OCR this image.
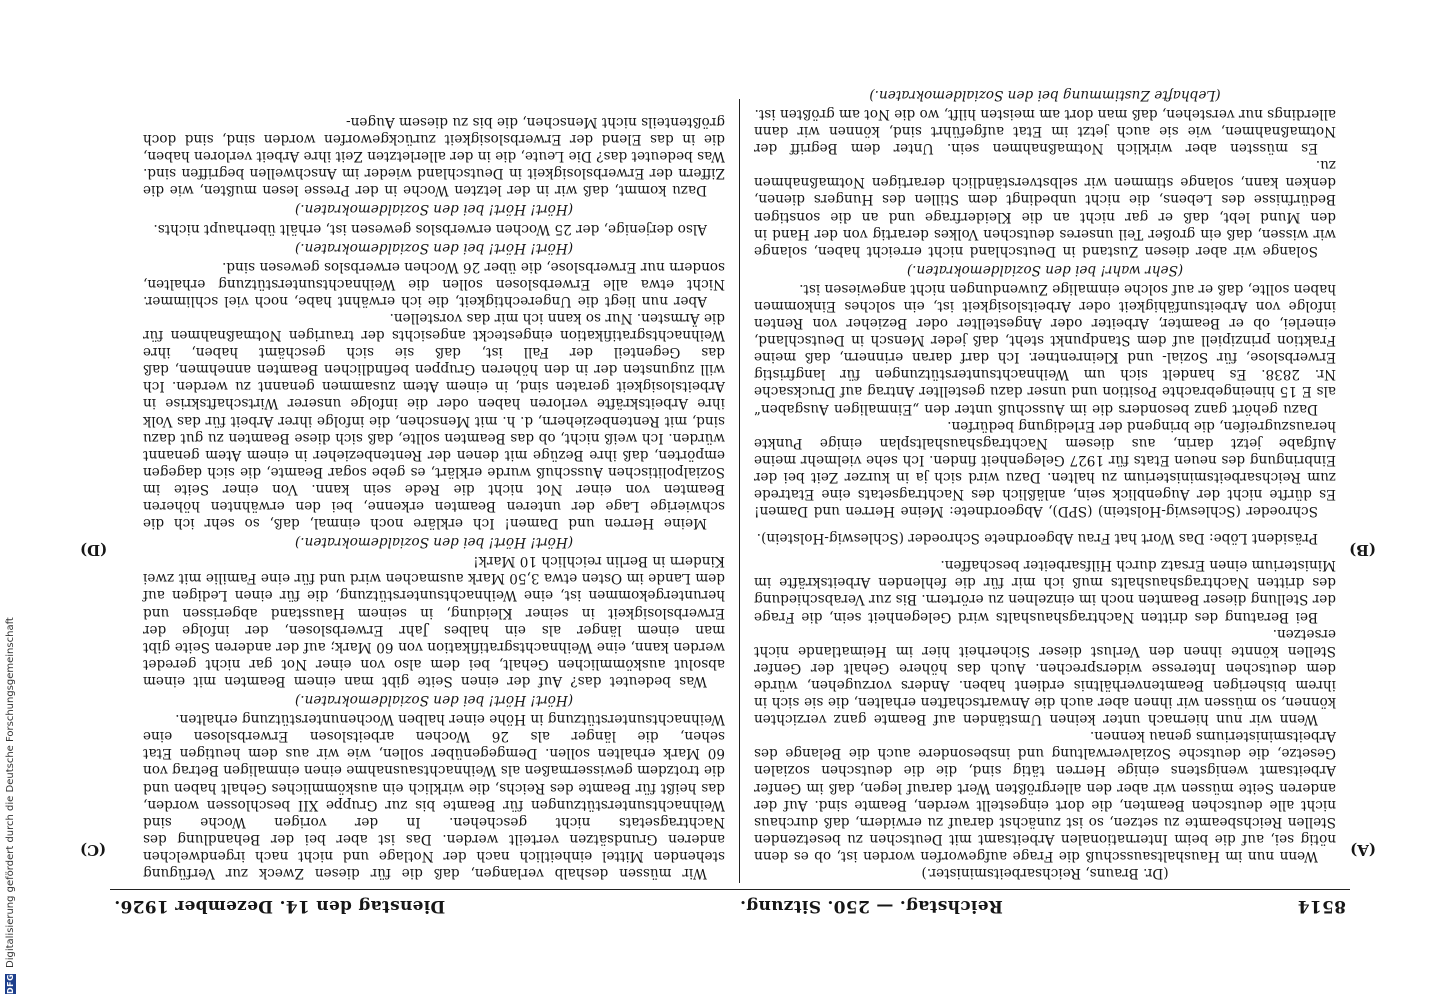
DFG
Digitalisierung gefördert durch die Deutsche Forschungsgemeinschaft	8514
Reichstag. — 250. Sitzung.
Dienstag den 14. Dezember 1926.
(A)
(B)
(C)
(D)

(Dr. Brauns, Reichsarbeitsminister.)

Wenn nun im Haushaltsausschuß die Frage aufgeworfen worden ist, ob es denn nötig sei, auf die beim Internationalen Arbeitsamt mit Deutschen zu besetzenden Stellen Reichsbeamte zu setzen, so ist zunächst darauf zu erwidern, daß durchaus nicht alle deutschen Beamten, die dort eingestellt werden, Beamte sind. Auf der anderen Seite müssen wir aber den allergrößten Wert darauf legen, daß im Genfer Arbeitsamt wenigstens einige Herren tätig sind, die die deutschen sozialen Gesetze, die deutsche Sozialverwaltung und insbesondere auch die Belange des Arbeitsministeriums genau kennen.

Wenn wir nun hiernach unter keinen Umständen auf Beamte ganz verzichten können, so müssen wir ihnen aber auch die Anwartschaften erhalten, die sie sich in ihrem bisherigen Beamtenverhältnis erdient haben. Anders vorzugehen, würde dem deutschen Interesse widersprechen. Auch das höhere Gehalt der Genfer Stellen könnte ihnen den Verlust dieser Sicherheit hier im Heimatlande nicht ersetzen.

Bei Beratung des dritten Nachtragshaushalts wird Gelegenheit sein, die Frage der Stellung dieser Beamten noch im einzelnen zu erörtern. Bis zur Verabschiedung des dritten Nachtragshaushalts muß ich mir für die fehlenden Arbeitskräfte im Ministerium einen Ersatz durch Hilfsarbeiter beschaffen.

Präsident Löbe: Das Wort hat Frau Abgeordnete Schroeder (Schleswig-Holstein).

Schroeder (Schleswig-Holstein) (SPD), Abgeordnete: Meine Herren und Damen! Es dürfte nicht der Augenblick sein, anläßlich des Nachtragsetats eine Etatrede zum Reichsarbeitsministerium zu halten. Dazu wird sich ja in kurzer Zeit bei der Einbringung des neuen Etats für 1927 Gelegenheit finden. Ich sehe vielmehr meine Aufgabe jetzt darin, aus diesem Nachtragshaushaltsplan einige Punkte herauszugreifen, die bringend der Erledigung bedürfen.

Dazu gehört ganz besonders die im Ausschuß unter den „Einmaligen Ausgaben“ als E 15 hineingebrachte Position und unser dazu gestellter Antrag auf Drucksache Nr. 2838. Es handelt sich um Weihnachtsunterstützungen für langfristig Erwerbslose, für Sozial- und Kleinrentner. Ich darf daran erinnern, daß meine Fraktion prinzipiell auf dem Standpunkt steht, daß jeder Mensch in Deutschland, einerlei, ob er Beamter, Arbeiter oder Angestellter oder Bezieher von Renten infolge von Arbeitsunfähigkeit oder Arbeitslosigkeit ist, ein solches Einkommen haben sollte, daß er auf solche einmalige Zuwendungen nicht angewiesen ist.

(Sehr wahr! bei den Sozialdemokraten.)

Solange wir aber diesen Zustand in Deutschland nicht erreicht haben, solange wir wissen, daß ein großer Teil unseres deutschen Volkes derartig von der Hand in den Mund lebt, daß er gar nicht an die Kleiderfrage und an die sonstigen Bedürfnisse des Lebens, die nicht unbedingt dem Stillen des Hungers dienen, denken kann, solange stimmen wir selbstverständlich derartigen Notmaßnahmen zu.

Es müssten aber wirklich Notmaßnahmen sein. Unter dem Begriff der Notmaßnahmen, wie sie auch jetzt im Etat aufgeführt sind, können wir dann allerdings nur verstehen, daß man dort am meisten hilft, wo die Not am größten ist.

(Lebhafte Zustimmung bei den Sozialdemokraten.)

Wir müssen deshalb verlangen, daß die für diesen Zweck zur Verfügung stehenden Mittel einheitlich nach der Notlage und nicht nach irgendwelchen anderen Grundsätzen verteilt werden. Das ist aber bei der Behandlung des Nachtragsetats nicht geschehen. In der vorigen Woche sind Weihnachtsunterstützungen für Beamte bis zur Gruppe XII beschlossen worden, das heißt für Beamte des Reichs, die wirklich ein auskömmliches Gehalt haben und die trotzdem gewissermaßen als Weihnachtsausnahme einen einmaligen Betrag von 60 Mark erhalten sollen. Demgegenüber sollen, wie wir aus dem heutigen Etat sehen, die länger als 26 Wochen arbeitslosen Erwerbslosen eine Weihnachtsunterstützung in Höhe einer halben Wochenunterstützung erhalten.

(Hört! Hört! bei den Sozialdemokraten.)

Was bedeutet das? Auf der einen Seite gibt man einem Beamten mit einem absolut auskömmlichen Gehalt, bei dem also von einer Not gar nicht geredet werden kann, eine Weihnachtsgratifikation von 60 Mark; auf der anderen Seite gibt man einem länger als ein halbes Jahr Erwerbslosen, der infolge der Erwerbslosigkeit in seiner Kleidung, in seinem Hausstand abgerissen und heruntergekommen ist, eine Weihnachtsunterstützung, die für einen Ledigen auf dem Lande im Osten etwa 3,50 Mark ausmachen wird und für eine Familie mit zwei Kindern in Berlin reichlich 10 Mark!

(Hört! Hört! bei den Sozialdemokraten.)

Meine Herren und Damen! Ich erkläre noch einmal, daß, so sehr ich die schwierige Lage der unteren Beamten erkenne, bei den erwähnten höheren Beamten von einer Not nicht die Rede sein kann. Von einer Seite im Sozialpolitischen Ausschuß wurde erklärt, es gebe sogar Beamte, die sich dagegen empörten, daß ihre Bezüge mit denen der Rentenbezieher in einem Atem genannt würden. Ich weiß nicht, ob das Beamten sollte, daß sich diese Beamten zu gut dazu sind, mit Rentenbeziehern, d. h. mit Menschen, die infolge ihrer Arbeit für das Volk ihre Arbeitskräfte verloren haben oder die infolge unserer Wirtschaftskrise in Arbeitslosigkeit geraten sind, in einem Atem zusammen genannt zu werden. Ich will zugunsten der in den höheren Gruppen befindlichen Beamten annehmen, daß das Gegenteil der Fall ist, daß sie sich geschämt haben, ihre Weihnachtsgratifikation eingesteckt angesichts der traurigen Notmaßnahmen für die Ärmsten. Nur so kann ich mir das vorstellen.

Aber nun liegt die Ungerechtigkeit, die ich erwähnt habe, noch viel schlimmer. Nicht etwa alle Erwerbslosen sollen die Weihnachtsunterstützung erhalten, sondern nur Erwerbslose, die über 26 Wochen erwerbslos gewesen sind.

(Hört! Hört! bei den Sozialdemokraten.)

Also derjenige, der 25 Wochen erwerbslos gewesen ist, erhält überhaupt nichts.

(Hört! Hört! bei den Sozialdemokraten.)

Dazu kommt, daß wir in der letzten Woche in der Presse lesen mußten, wie die Ziffern der Erwerbslosigkeit in Deutschland wieder im Anschwellen begriffen sind. Was bedeutet das? Die Leute, die in der allerletzten Zeit ihre Arbeit verloren haben, die in das Elend der Erwerbslosigkeit zurückgeworfen worden sind, sind doch größtenteils nicht Menschen, die bis zu diesem Augen-
